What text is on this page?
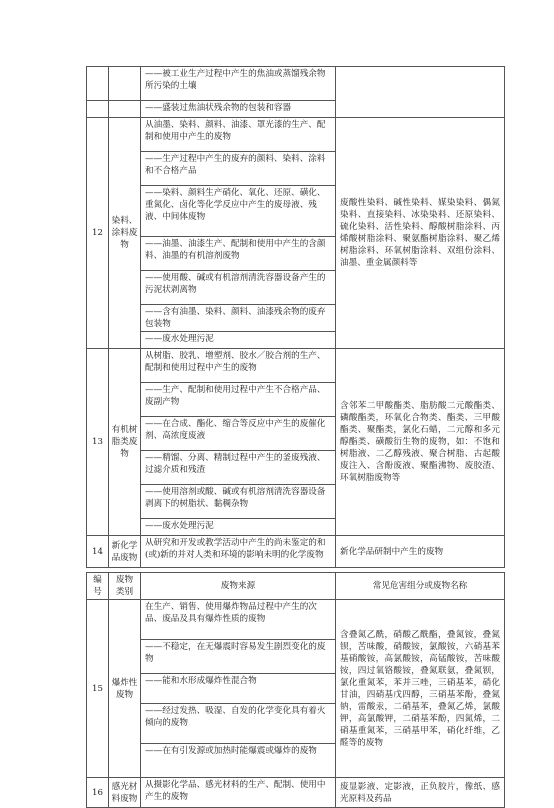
		——被工业生产过程中产生的焦油或蒸馏残余物所污染的土壤	
		——盛装过焦油状残余物的包装和容器	
12	染料、涂料废物	从油墨、染料、颜料、油漆、罩光漆的生产、配制和使用中产生的废物	废酸性染料、碱性染料、媒染染料、偶氮染料、直接染料、冰染染料、还原染料、硫化染料、活性染料、醇酸树脂涂料、丙烯酸树脂涂料、聚氨酯树脂涂料、聚乙烯树脂涂料、环氧树脂涂料、双组份涂料、油墨、重金属颜料等
		——生产过程中产生的废弃的颜料、染料、涂料和不合格产品	
		——染料、颜料生产硝化、氧化、还原、磺化、重氮化、卤化等化学反应中产生的废母液、残液、中间体废物	
		——油墨、油漆生产、配制和使用中产生的含颜料、油墨的有机溶剂废物	
		——使用酸、碱或有机溶剂清洗容器设备产生的污泥状剥离物	
		——含有油墨、染料、颜料、油漆残余物的废弃包装物	
		——废水处理污泥	
13	有机树脂类废物	从树脂、胶乳、增塑剂、胶水／胶合剂的生产、配制和使用过程中产生的废物	含邻苯二甲酸酯类、脂肪酸二元酸酯类、磷酸酯类，环氧化合物类、酯类、三甲酸酯类、聚酯类，氯化石蜡，二元醇和多元醇酯类、磺酸衍生物的废物，如：不饱和树脂液、二乙醇残液、聚合树脂、古起酸废注入、含酚废液、聚酯沸物、废胶渣、环氧树脂废物等
		——生产、配制和使用过程中产生不合格产品、废副产物	
		——在合成、酯化、缩合等反应中产生的废催化剂、高浓度废液	
		——精馏、分离、精制过程中产生的釜废残液、过滤介质和残渣	
		——使用溶剂或酸、碱或有机溶剂清洗容器设备剥离下的树脂状、黏稠杂物	
		——废水处理污泥	
14	新化学品废物	从研究和开发或教学活动中产生的尚未鉴定的和(或)新的并对人类和环境的影响未明的化学废物	新化学品研制中产生的废物

编号	废物类别	废物来源	常见危害组分或废物名称
15	爆炸性废物	在生产、销售、使用爆炸物品过程中产生的次品、废品及具有爆炸性质的废物	含叠氮乙酰，硝酸乙酰酯，叠氮铵，叠氮钡，苦味酸，硝酸铵，氯酸铵，六硝基苯基硝酸铵，高氯酸铵，高锰酸铵，苦味酸铵，四过氧铬酸铵，叠氮联氨，叠氮钡，氯化重氮苯，苯并三唑，三硝基苯，硝化甘油，四硝基戊四醇，三硝基苯酚，叠氮钠，雷酸汞，二硝基苯，叠氮乙烯，氯酸钾，高氯酸钾，二硝基苯酚，四氮烯，二硝基重氮苯，三硝基甲苯，硝化纤维，乙醛等的废物
		——不稳定，在无爆震时容易发生剧烈变化的废物	
		——能和水形成爆炸性混合物	
		——经过发热、吸湿、自发的化学变化具有着火倾向的废物	
		——在有引发源或加热时能爆震或爆炸的废物	
16	感光材料废物	从摄影化学品、感光材料的生产、配制、使用中产生的废物	废显影液、定影液，正负胶片，像纸、感光原料及药品
